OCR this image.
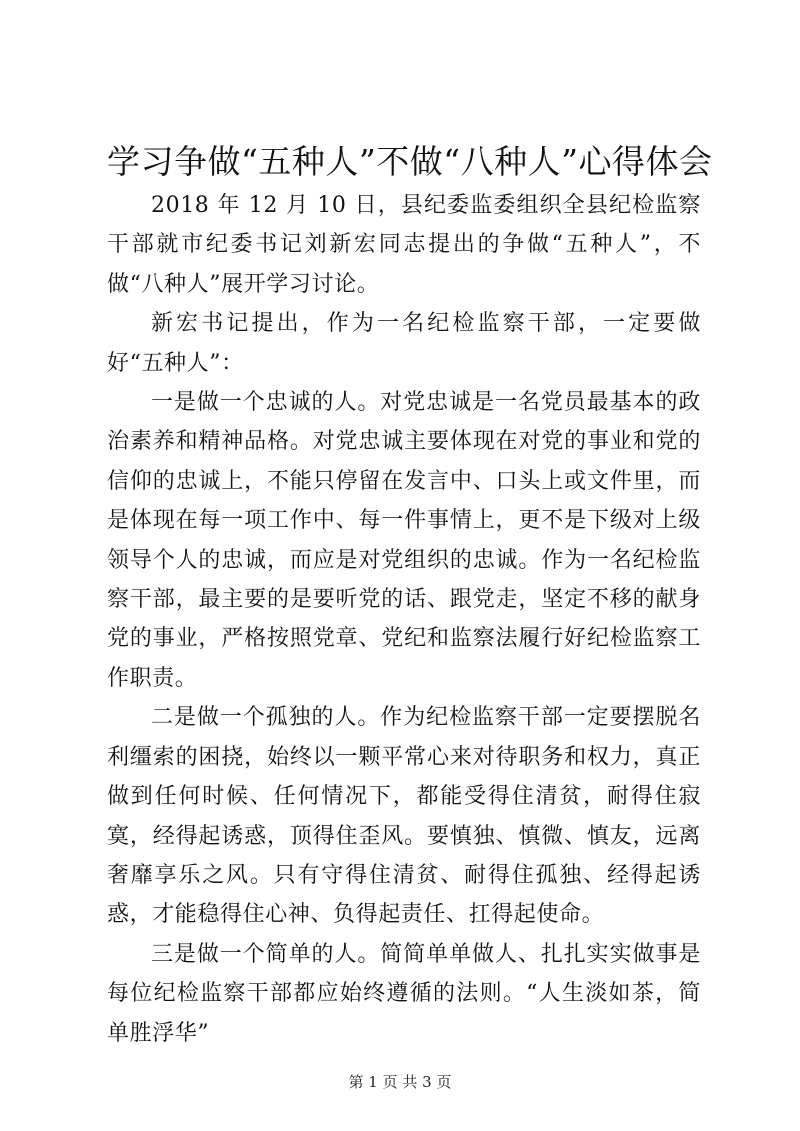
学习争做“五种人”不做“八种人”心得体会

2018 年 12 月 10 日，县纪委监委组织全县纪检监察干部就市纪委书记刘新宏同志提出的争做“五种人”，不做“八种人”展开学习讨论。

新宏书记提出，作为一名纪检监察干部，一定要做好“五种人”：

一是做一个忠诚的人。对党忠诚是一名党员最基本的政治素养和精神品格。对党忠诚主要体现在对党的事业和党的信仰的忠诚上，不能只停留在发言中、口头上或文件里，而是体现在每一项工作中、每一件事情上，更不是下级对上级领导个人的忠诚，而应是对党组织的忠诚。作为一名纪检监察干部，最主要的是要听党的话、跟党走，坚定不移的献身党的事业，严格按照党章、党纪和监察法履行好纪检监察工作职责。

二是做一个孤独的人。作为纪检监察干部一定要摆脱名利缰索的困挠，始终以一颗平常心来对待职务和权力，真正做到任何时候、任何情况下，都能受得住清贫，耐得住寂寞，经得起诱惑，顶得住歪风。要慎独、慎微、慎友，远离奢靡享乐之风。只有守得住清贫、耐得住孤独、经得起诱惑，才能稳得住心神、负得起责任、扛得起使命。

三是做一个简单的人。简简单单做人、扎扎实实做事是每位纪检监察干部都应始终遵循的法则。“人生淡如茶，简单胜浮华”

第 1 页 共 3 页
